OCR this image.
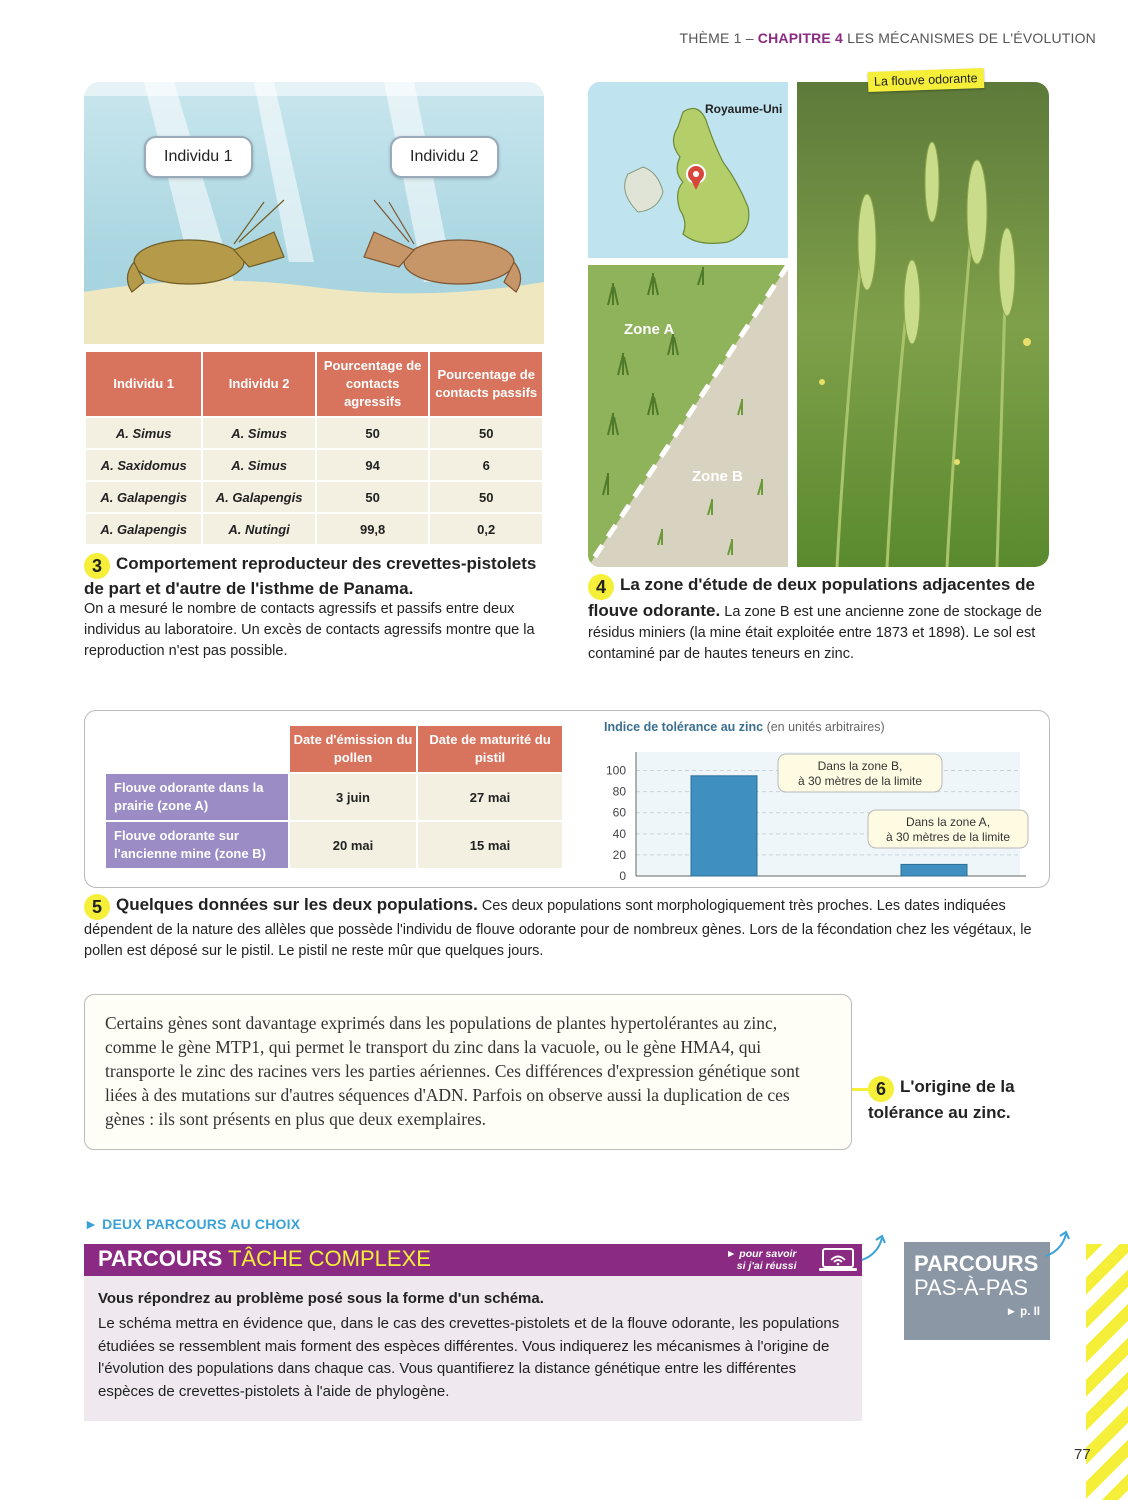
THÈME 1 – CHAPITRE 4 LES MÉCANISMES DE L'ÉVOLUTION
Individu 1	Individu 2
Individu 1	Individu 2	Pourcentage de contacts agressifs	Pourcentage de contacts passifs
A. Simus	A. Simus	50	50
A. Saxidomus	A. Simus	94	6
A. Galapengis	A. Galapengis	50	50
A. Galapengis	A. Nutingi	99,8	0,2
3 Comportement reproducteur des crevettes-pistolets de part et d'autre de l'isthme de Panama.
On a mesuré le nombre de contacts agressifs et passifs entre deux individus au laboratoire. Un excès de contacts agressifs montre que la reproduction n'est pas possible.
Royaume-Uni
Zone A
Zone B
La flouve odorante
4 La zone d'étude de deux populations adjacentes de flouve odorante. La zone B est une ancienne zone de stockage de résidus miniers (la mine était exploitée entre 1873 et 1898). Le sol est contaminé par de hautes teneurs en zinc.
	Date d'émission du pollen	Date de maturité du pistil
Flouve odorante dans la prairie (zone A)	3 juin	27 mai
Flouve odorante sur l'ancienne mine (zone B)	20 mai	15 mai
Indice de tolérance au zinc (en unités arbitraires)
0
20
40
60
80
100	Dans la zone B,
à 30 mètres de la limite
Dans la zone A,
à 30 mètres de la limite
5 Quelques données sur les deux populations. Ces deux populations sont morphologiquement très proches. Les dates indiquées dépendent de la nature des allèles que possède l'individu de flouve odorante pour de nombreux gènes. Lors de la fécondation chez les végétaux, le pollen est déposé sur le pistil. Le pistil ne reste mûr que quelques jours.

Certains gènes sont davantage exprimés dans les populations de plantes hypertolérantes au zinc, comme le gène MTP1, qui permet le transport du zinc dans la vacuole, ou le gène HMA4, qui transporte le zinc des racines vers les parties aériennes. Ces différences d'expression génétique sont liées à des mutations sur d'autres séquences d'ADN. Parfois on observe aussi la duplication de ces gènes : ils sont présents en plus que deux exemplaires.

6 L'origine de la tolérance au zinc.
► DEUX PARCOURS AU CHOIX
PARCOURS TÂCHE COMPLEXE	► pour savoir
si j'ai réussi
Vous répondrez au problème posé sous la forme d'un schéma.
Le schéma mettra en évidence que, dans le cas des crevettes-pistolets et de la flouve odorante, les populations étudiées se ressemblent mais forment des espèces différentes. Vous indiquerez les mécanismes à l'origine de l'évolution des populations dans chaque cas. Vous quantifierez la distance génétique entre les différentes espèces de crevettes-pistolets à l'aide de phylogène.
PARCOURS
PAS-À-PAS
► p. II
77
